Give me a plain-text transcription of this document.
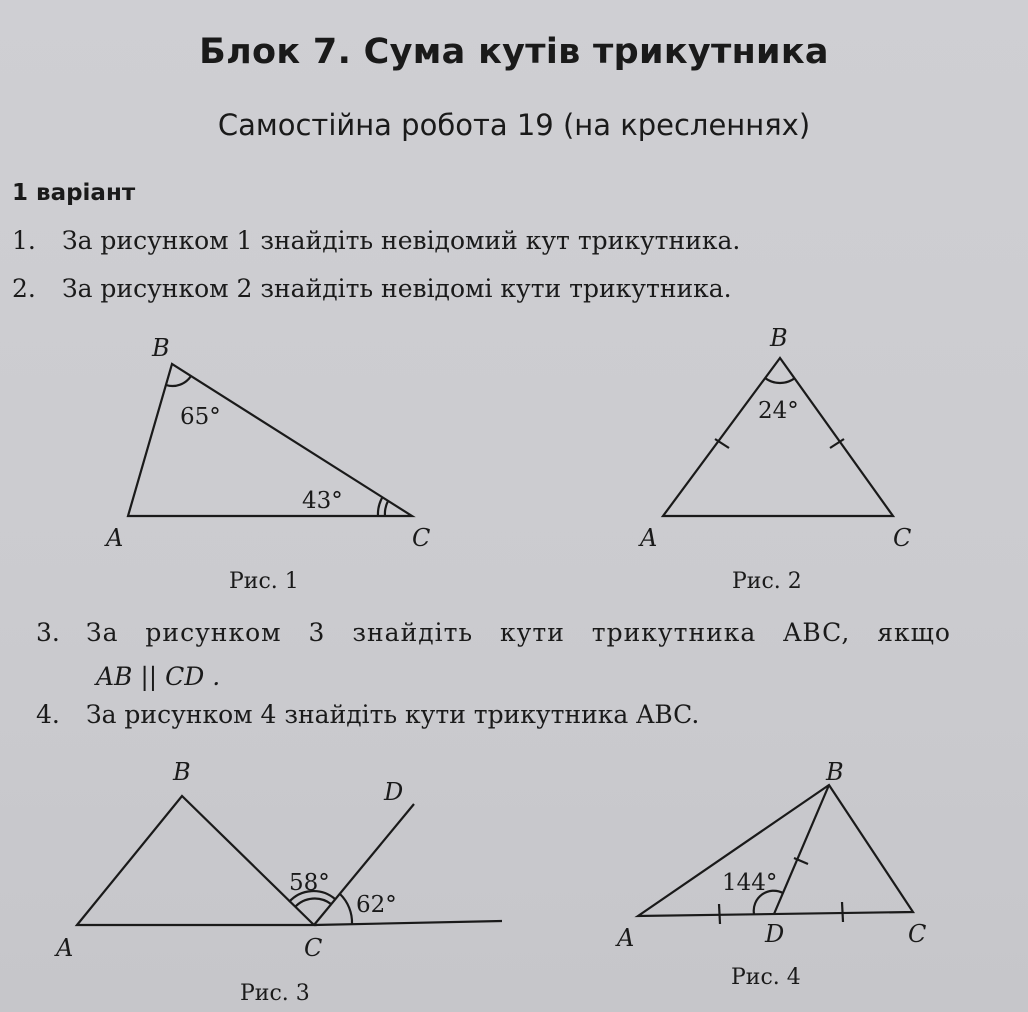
Блок 7. Сума кутів трикутника
Самостійна робота 19 (на кресленнях)
1 варіант
1. За рисунком 1 знайдіть невідомий кут трикутника.
2. За рисунком 2 знайдіть невідомі кути трикутника.
3. За рисунком 3 знайдіть кути трикутника ABC, якщо
AB || CD .
4. За рисунком 4 знайдіть кути трикутника ABC.
B
A	C
65°
43°
Рис. 1
B
A	C
24°
Рис. 2
B
D
A	C
58°
62°
Рис. 3
B
A	D	C
144°
Рис. 4
